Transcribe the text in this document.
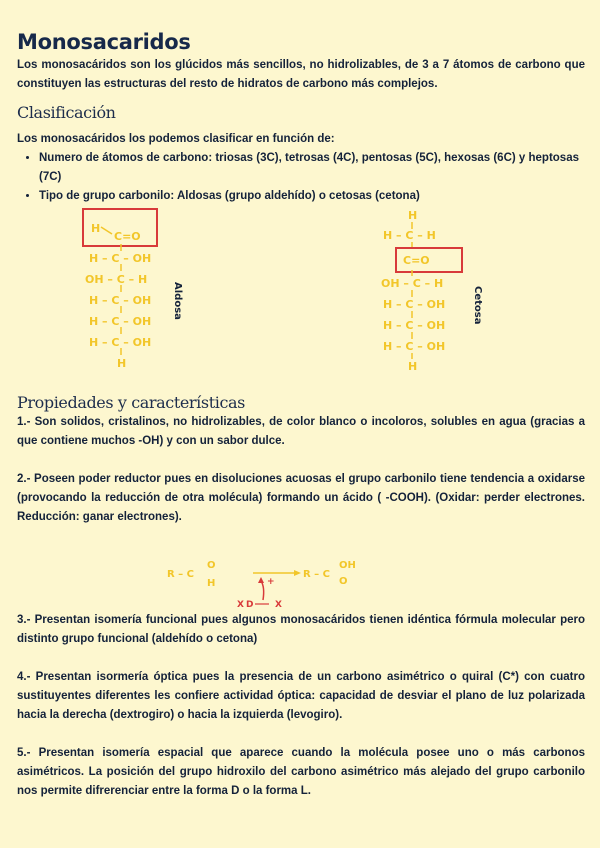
Monosacaridos

Los monosacáridos son los glúcidos más sencillos, no hidrolizables, de 3 a 7 átomos de carbono que constituyen las estructuras del resto de hidratos de carbono más complejos.

Clasificación

Los monosacáridos los podemos clasificar en función de:

• Numero de átomos de carbono: triosas (3C), tetrosas (4C), pentosas (5C), hexosas (6C) y heptosas (7C)
• Tipo de grupo carbonilo: Aldosas (grupo aldehído) o cetosas (cetona)
H
C=O
H – C – OH
OH – C – H
H – C – OH
H – C – OH
H – C – OH
H
Aldosa
H
H – C – H
C=O
OH – C – H
H – C – OH
H – C – OH
H – C – OH
H
Cetosa
Propiedades y características

1.- Son solidos, cristalinos, no hidrolizables, de color blanco o incoloros, solubles en agua (gracias a que contiene muchos -OH) y con un sabor dulce.

2.- Poseen poder reductor pues en disoluciones acuosas el grupo carbonilo tiene tendencia a oxidarse (provocando la reducción de otra molécula) formando un ácido ( -COOH). (Oxidar: perder electrones. Reducción: ganar electrones).

R – C
O
H
R – C
OH
O
+
X D X

3.- Presentan isomería funcional pues algunos monosacáridos tienen idéntica fórmula molecular pero distinto grupo funcional (aldehído o cetona)

4.- Presentan isormería óptica pues la presencia de un carbono asimétrico o quiral (C*) con cuatro sustituyentes diferentes les confiere actividad óptica: capacidad de desviar el plano de luz polarizada hacia la derecha (dextrogiro) o hacia la izquierda (levogiro).

5.- Presentan isomería espacial que aparece cuando la molécula posee uno o más carbonos asimétricos. La posición del grupo hidroxilo del carbono asimétrico más alejado del grupo carbonilo nos permite difrerenciar entre la forma D o la forma L.
